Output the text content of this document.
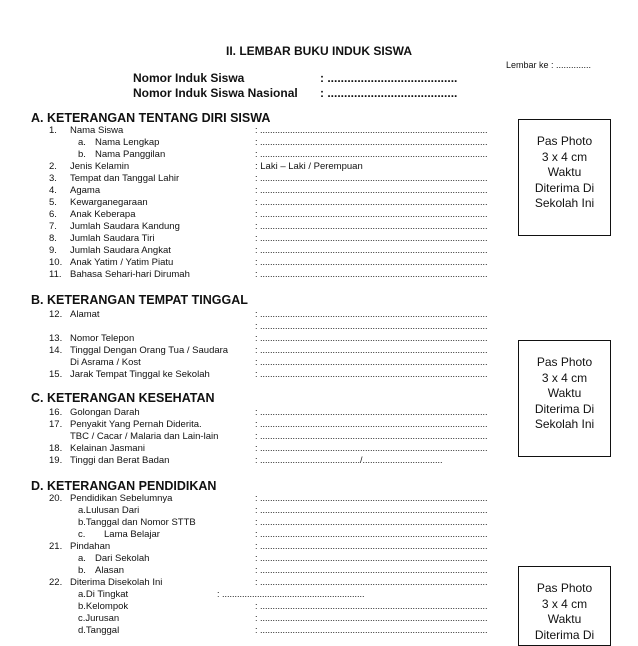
II. LEMBAR BUKU INDUK SISWA
Lembar ke : ..............
Nomor Induk Siswa	: .......................................
Nomor Induk Siswa Nasional : .......................................
A. KETERANGAN TENTANG DIRI SISWA
1. Nama Siswa	: ...........................................................................................
a. Nama Lengkap	: ...........................................................................................
b. Nama Panggilan	: ...........................................................................................
2. Jenis Kelamin	: Laki – Laki / Perempuan
3. Tempat dan Tanggal Lahir	: ...........................................................................................
4. Agama	: ...........................................................................................
5. Kewarganegaraan	: ...........................................................................................
6. Anak Keberapa	: ...........................................................................................
7. Jumlah Saudara Kandung	: ...........................................................................................
8. Jumlah Saudara Tiri	: ...........................................................................................
9. Jumlah Saudara Angkat	: ...........................................................................................
10. Anak Yatim / Yatim Piatu	: ...........................................................................................
11. Bahasa Sehari-hari Dirumah	: ...........................................................................................
B. KETERANGAN TEMPAT TINGGAL
12. Alamat	: ...........................................................................................
: ...........................................................................................
13. Nomor Telepon	: ...........................................................................................
14. Tinggal Dengan Orang Tua / Saudara	: ...........................................................................................
Di Asrama / Kost	: ...........................................................................................
15. Jarak Tempat Tinggal ke Sekolah	: ...........................................................................................
C. KETERANGAN KESEHATAN
16. Golongan Darah	: ...........................................................................................
17. Penyakit Yang Pernah Diderita.	: ...........................................................................................
TBC / Cacar / Malaria dan Lain-lain	: ...........................................................................................
18. Kelainan Jasmani	: ...........................................................................................
19. Tinggi dan Berat Badan	: ......................................../................................
D. KETERANGAN PENDIDIKAN
20. Pendidikan Sebelumnya	: ...........................................................................................
a.Lulusan Dari	: ...........................................................................................
b.Tanggal dan Nomor STTB	: ...........................................................................................
c. Lama Belajar	: ...........................................................................................
21. Pindahan	: ...........................................................................................
a. Dari Sekolah	: ...........................................................................................
b. Alasan	: ...........................................................................................
22. Diterima Disekolah Ini	: ...........................................................................................
a.Di Tingkat	: .........................................................
b.Kelompok	: ...........................................................................................
c.Jurusan	: ...........................................................................................
d.Tanggal	: ...........................................................................................
Pas Photo
3 x 4 cm
Waktu
Diterima Di
Sekolah Ini
Pas Photo
3 x 4 cm
Waktu
Diterima Di
Sekolah Ini
Pas Photo
3 x 4 cm
Waktu
Diterima Di
